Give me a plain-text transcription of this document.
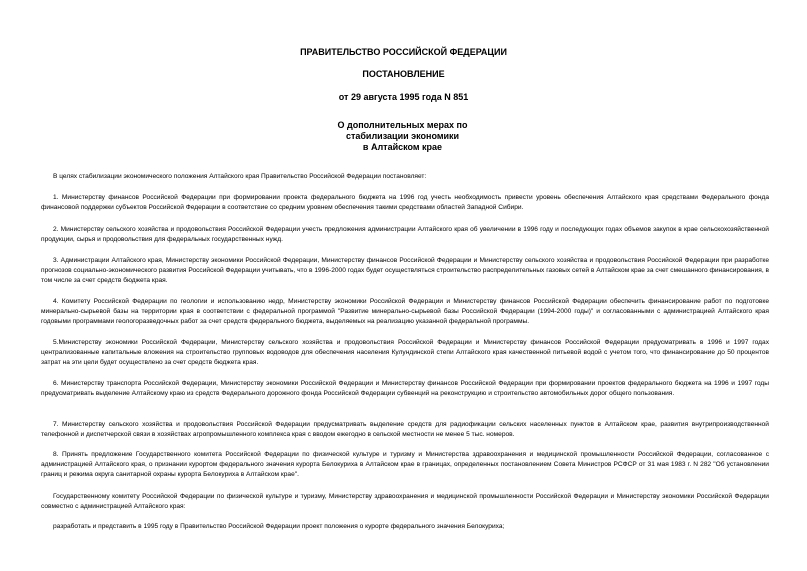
ПРАВИТЕЛЬСТВО РОССИЙСКОЙ ФЕДЕРАЦИИ
ПОСТАНОВЛЕНИЕ
от 29 августа 1995 года N 851
О дополнительных мерах по
стабилизации экономики
в Алтайском крае

В целях стабилизации экономического положения Алтайского края Правительство Российской Федерации постановляет:

1. Министерству финансов Российской Федерации при формировании проекта федерального бюджета на 1996 год учесть необходимость привести уровень обеспечения Алтайского края средствами Федерального фонда финансовой поддержки субъектов Российской Федерации в соответствие со средним уровнем обеспечения такими средствами областей Западной Сибири.

2. Министерству сельского хозяйства и продовольствия Российской Федерации учесть предложения администрации Алтайского края об увеличении в 1996 году и последующих годах объемов закупок в крае сельскохозяйственной продукции, сырья и продовольствия для федеральных государственных нужд.

3. Администрации Алтайского края, Министерству экономики Российской Федерации, Министерству финансов Российской Федерации и Министерству сельского хозяйства и продовольствия Российской Федерации при разработке прогнозов социально-экономического развития Российской Федерации учитывать, что в 1996-2000 годах будет осуществляться строительство распределительных газовых сетей в Алтайском крае за счет смешанного финансирования, в том числе за счет средств бюджета края.

4. Комитету Российской Федерации по геологии и использованию недр, Министерству экономики Российской Федерации и Министерству финансов Российской Федерации обеспечить финансирование работ по подготовке минерально-сырьевой базы на территории края в соответствии с федеральной программой "Развитие минерально-сырьевой базы Российской Федерации (1994-2000 годы)" и согласованными с администрацией Алтайского края годовыми программами геологоразведочных работ за счет средств федерального бюджета, выделяемых на реализацию указанной федеральной программы.

5.Министерству экономики Российской Федерации, Министерству сельского хозяйства и продовольствия Российской Федерации и Министерству финансов Российской Федерации предусматривать в 1996 и 1997 годах централизованные капитальные вложения на строительство групповых водоводов для обеспечения населения Кулундинской степи Алтайского края качественной питьевой водой с учетом того, что финансирование до 50 процентов затрат на эти цели будет осуществлено за счет средств бюджета края.

6. Министерству транспорта Российской Федерации, Министерству экономики Российской Федерации и Министерству финансов Российской Федерации при формировании проектов федерального бюджета на 1996 и 1997 годы предусматривать выделение Алтайскому краю из средств Федерального дорожного фонда Российской Федерации субвенций на реконструкцию и строительство автомобильных дорог общего пользования.

7. Министерству сельского хозяйства и продовольствия Российской Федерации предусматривать выделение средств для радиофикации сельских населенных пунктов в Алтайском крае, развития внутрипроизводственной телефонной и диспетчерской связи в хозяйствах агропромышленного комплекса края с вводом ежегодно в сельской местности не менее 5 тыс. номеров.

8. Принять предложение Государственного комитета Российской Федерации по физической культуре и туризму и Министерства здравоохранения и медицинской промышленности Российской Федерации, согласованное с администрацией Алтайского края, о признании курортом федерального значения курорта Белокуриха в Алтайском крае в границах, определенных постановлением Совета Министров РСФСР от 31 мая 1983 г. N 282 "Об установлении границ и режима округа санитарной охраны курорта Белокуриха в Алтайском крае".

Государственному комитету Российской Федерации по физической культуре и туризму, Министерству здравоохранения и медицинской промышленности Российской Федерации и Министерству экономики Российской Федерации совместно с администрацией Алтайского края:

разработать и представить в 1995 году в Правительство Российской Федерации проект положения о курорте федерального значения Белокуриха;
